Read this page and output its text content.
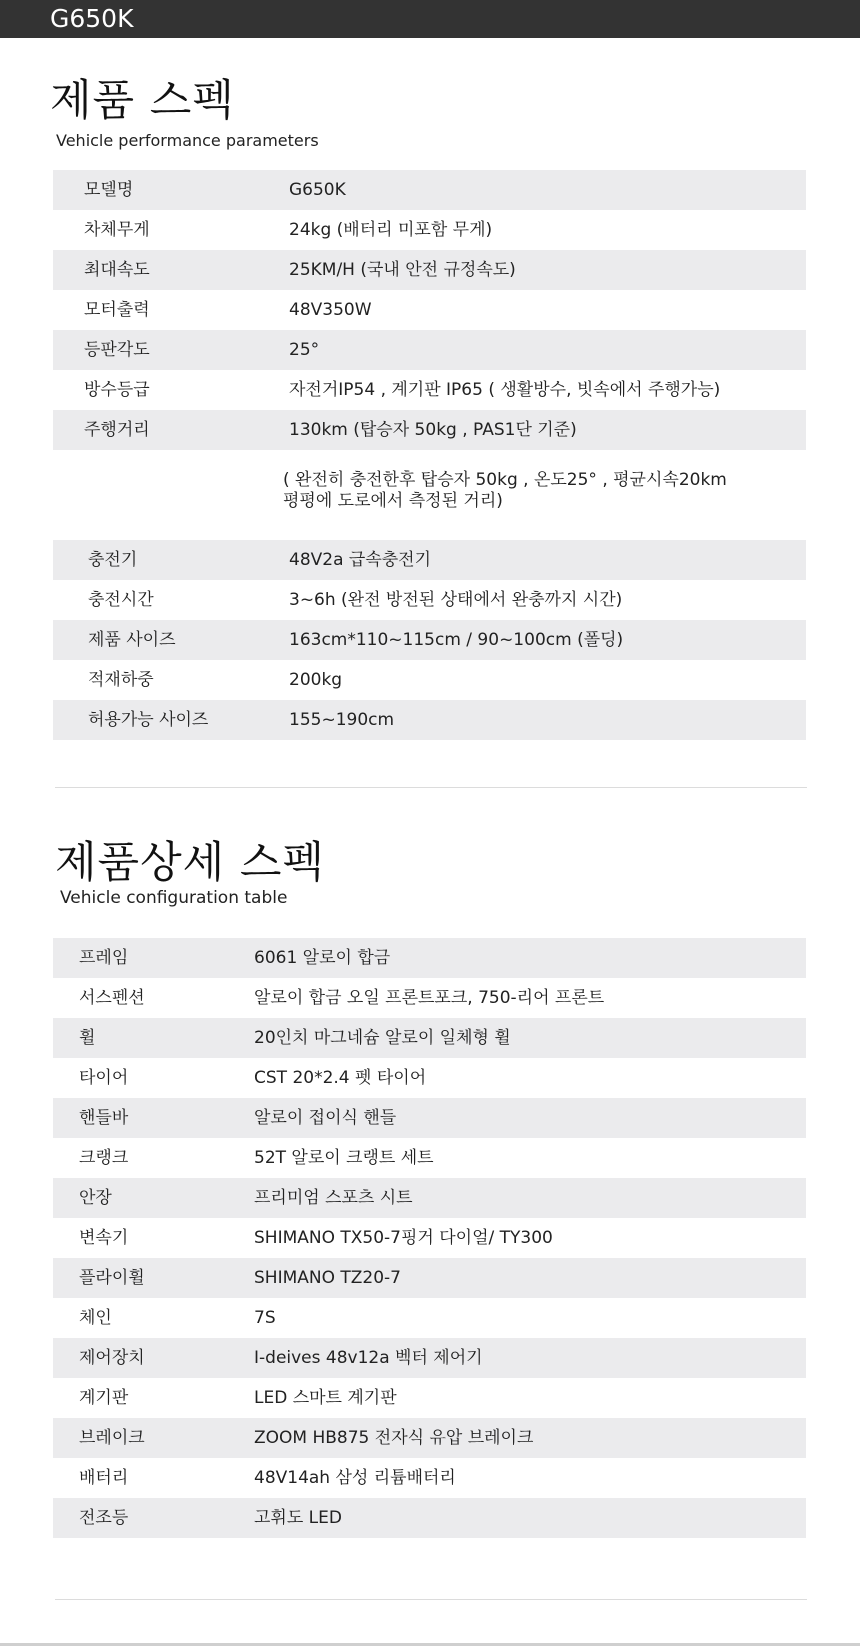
G650K
제품 스펙
Vehicle performance parameters
모델명	G650K
차체무게	24kg (배터리 미포함 무게)
최대속도	25KM/H (국내 안전 규정속도)
모터출력	48V350W
등판각도	25°
방수등급	자전거IP54 , 계기판 IP65 ( 생활방수, 빗속에서 주행가능)
주행거리	130km (탑승자 50kg , PAS1단 기준)
( 완전히 충전한후 탑승자 50kg , 온도25° , 평균시속20km
평평에 도로에서 측정된 거리)
충전기	48V2a 급속충전기
충전시간	3~6h (완전 방전된 상태에서 완충까지 시간)
제품 사이즈	163cm*110~115cm / 90~100cm (폴딩)
적재하중	200kg
허용가능 사이즈	155~190cm
제품상세 스펙
Vehicle configuration table
프레임	6061 알로이 합금
서스펜션	알로이 합금 오일 프론트포크, 750-리어 프론트
휠	20인치 마그네슘 알로이 일체형 휠
타이어	CST 20*2.4 펫 타이어
핸들바	알로이 접이식 핸들
크랭크	52T 알로이 크랭트 세트
안장	프리미엄 스포츠 시트
변속기	SHIMANO TX50-7핑거 다이얼/ TY300
플라이휠	SHIMANO TZ20-7
체인	7S
제어장치	I-deives 48v12a 벡터 제어기
계기판	LED 스마트 계기판
브레이크	ZOOM HB875 전자식 유압 브레이크
배터리	48V14ah 삼성 리튬배터리
전조등	고휘도 LED
